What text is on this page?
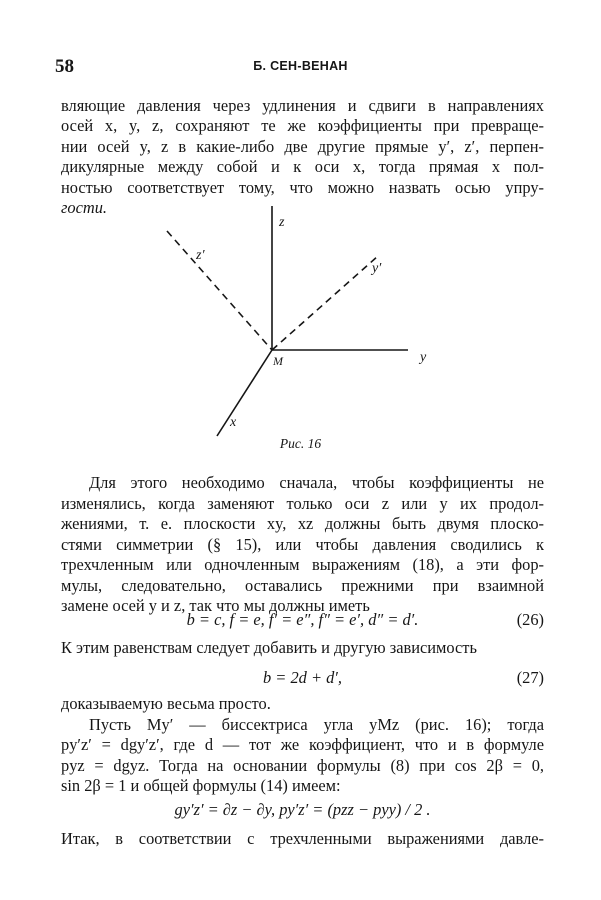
58	Б. СЕН-ВЕНАН
вляющие давления через удлинения и сдвиги в направлениях
осей x, y, z, сохраняют те же коэффициенты при превраще-
нии осей y, z в какие-либо две другие прямые y′, z′, перпен-
дикулярные между собой и к оси x, тогда прямая x пол-
ностью соответствует тому, что можно назвать осью упру-
гости.
z
z′
y′
y
M
x
Рис. 16
Для этого необходимо сначала, чтобы коэффициенты не
изменялись, когда заменяют только оси z или y их продол-
жениями, т. е. плоскости xy, xz должны быть двумя плоско-
стями симметрии (§ 15), или чтобы давления сводились к
трехчленным или одночленным выражениям (18), а эти фор-
мулы, следовательно, оставались прежними при взаимной
замене осей y и z, так что мы должны иметь
b = c, f = e, f′ = e″, f″ = e′, d″ = d′.	(26)
К этим равенствам следует добавить и другую зависимость
b = 2d + d′,	(27)
доказываемую весьма просто.
Пусть My′ — биссектриса угла yMz (рис. 16); тогда
py′z′ = dgy′z′, где d — тот же коэффициент, что и в формуле
pyz = dgyz. Тогда на основании формулы (8) при cos 2β = 0,
sin 2β = 1 и общей формулы (14) имеем:
gy′z′ = ∂z − ∂y, py′z′ = (pzz − pyy) / 2 .
Итак, в соответствии с трехчленными выражениями давле-
